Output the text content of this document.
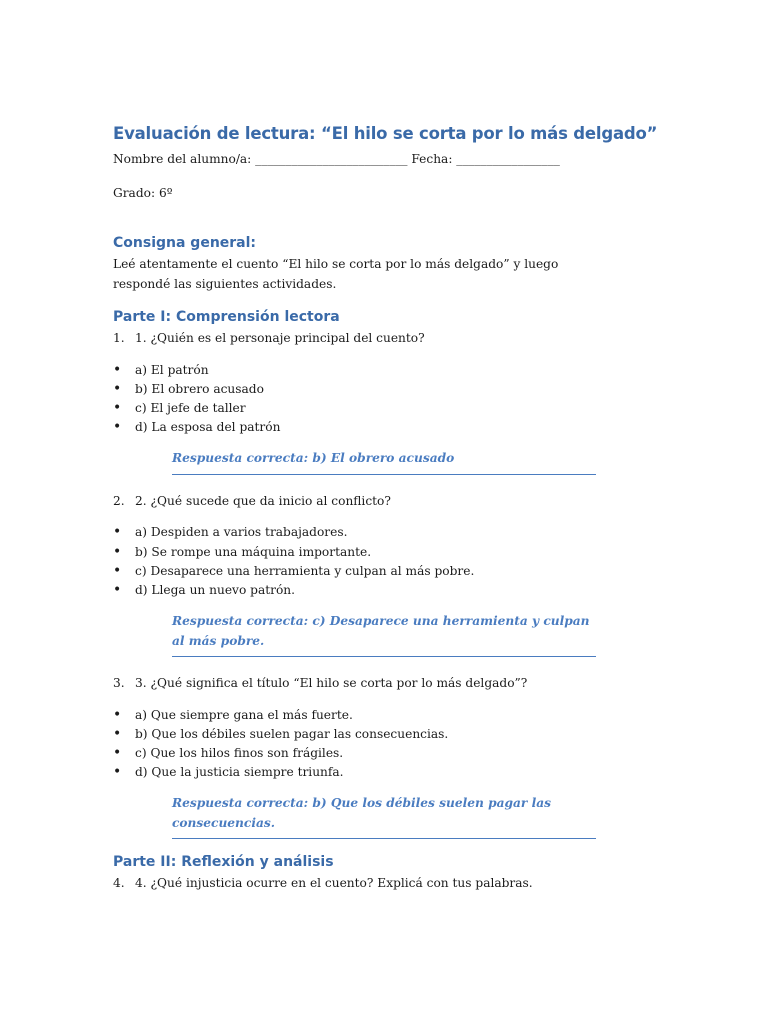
Evaluación de lectura: “El hilo se corta por lo más delgado”

Nombre del alumno/a: _________________________ Fecha: _________________

Grado: 6º

Consigna general:

Leé atentamente el cuento “El hilo se corta por lo más delgado” y luego respondé las siguientes actividades.

Parte I: Comprensión lectora
1. 1. ¿Quién es el personaje principal del cuento?
•	a) El patrón
•	b) El obrero acusado
•	c) El jefe de taller
•	d) La esposa del patrón
Respuesta correcta: b) El obrero acusado
2. 2. ¿Qué sucede que da inicio al conflicto?
•	a) Despiden a varios trabajadores.
•	b) Se rompe una máquina importante.
•	c) Desaparece una herramienta y culpan al más pobre.
•	d) Llega un nuevo patrón.
Respuesta correcta: c) Desaparece una herramienta y culpan al más pobre.
3. 3. ¿Qué significa el título “El hilo se corta por lo más delgado”?
•	a) Que siempre gana el más fuerte.
•	b) Que los débiles suelen pagar las consecuencias.
•	c) Que los hilos finos son frágiles.
•	d) Que la justicia siempre triunfa.
Respuesta correcta: b) Que los débiles suelen pagar las consecuencias.
Parte II: Reflexión y análisis
4. 4. ¿Qué injusticia ocurre en el cuento? Explicá con tus palabras.
